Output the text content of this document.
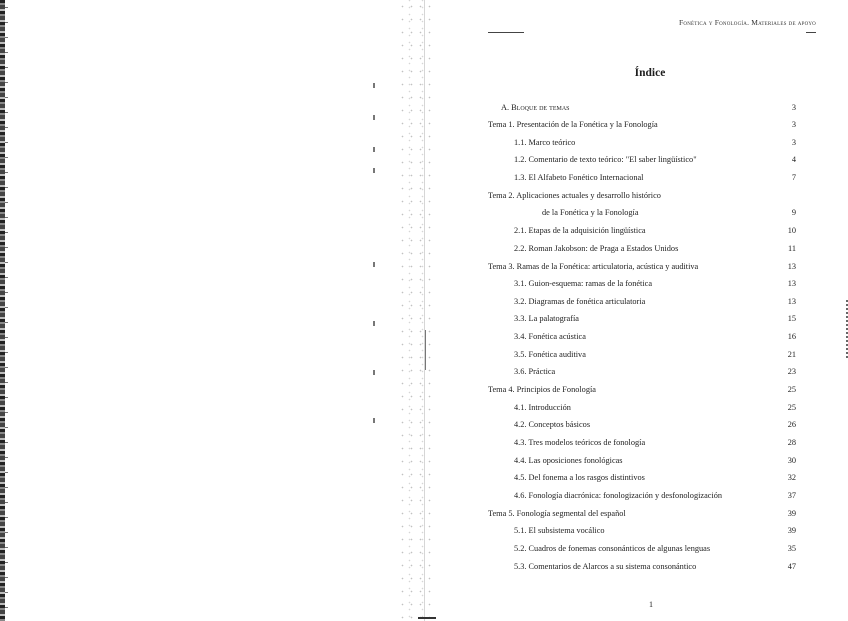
Fonética y Fonología. Materiales de apoyo
Índice
A. Bloque de temas	3
Tema 1. Presentación de la Fonética y la Fonología	3
1.1. Marco teórico	3
1.2. Comentario de texto teórico: "El saber lingüístico"	4
1.3. El Alfabeto Fonético Internacional	7
Tema 2. Aplicaciones actuales y desarrollo histórico
de la Fonética y la Fonología	9
2.1. Etapas de la adquisición lingüística	10
2.2. Roman Jakobson: de Praga a Estados Unidos	11
Tema 3. Ramas de la Fonética: articulatoria, acústica y auditiva	13
3.1. Guion-esquema: ramas de la fonética	13
3.2. Diagramas de fonética articulatoria	13
3.3. La palatografía	15
3.4. Fonética acústica	16
3.5. Fonética auditiva	21
3.6. Práctica	23
Tema 4. Principios de Fonología	25
4.1. Introducción	25
4.2. Conceptos básicos	26
4.3. Tres modelos teóricos de fonología	28
4.4. Las oposiciones fonológicas	30
4.5. Del fonema a los rasgos distintivos	32
4.6. Fonología diacrónica: fonologización y desfonologización	37
Tema 5. Fonología segmental del español	39
5.1. El subsistema vocálico	39
5.2. Cuadros de fonemas consonánticos de algunas lenguas	35
5.3. Comentarios de Alarcos a su sistema consonántico	47
1
